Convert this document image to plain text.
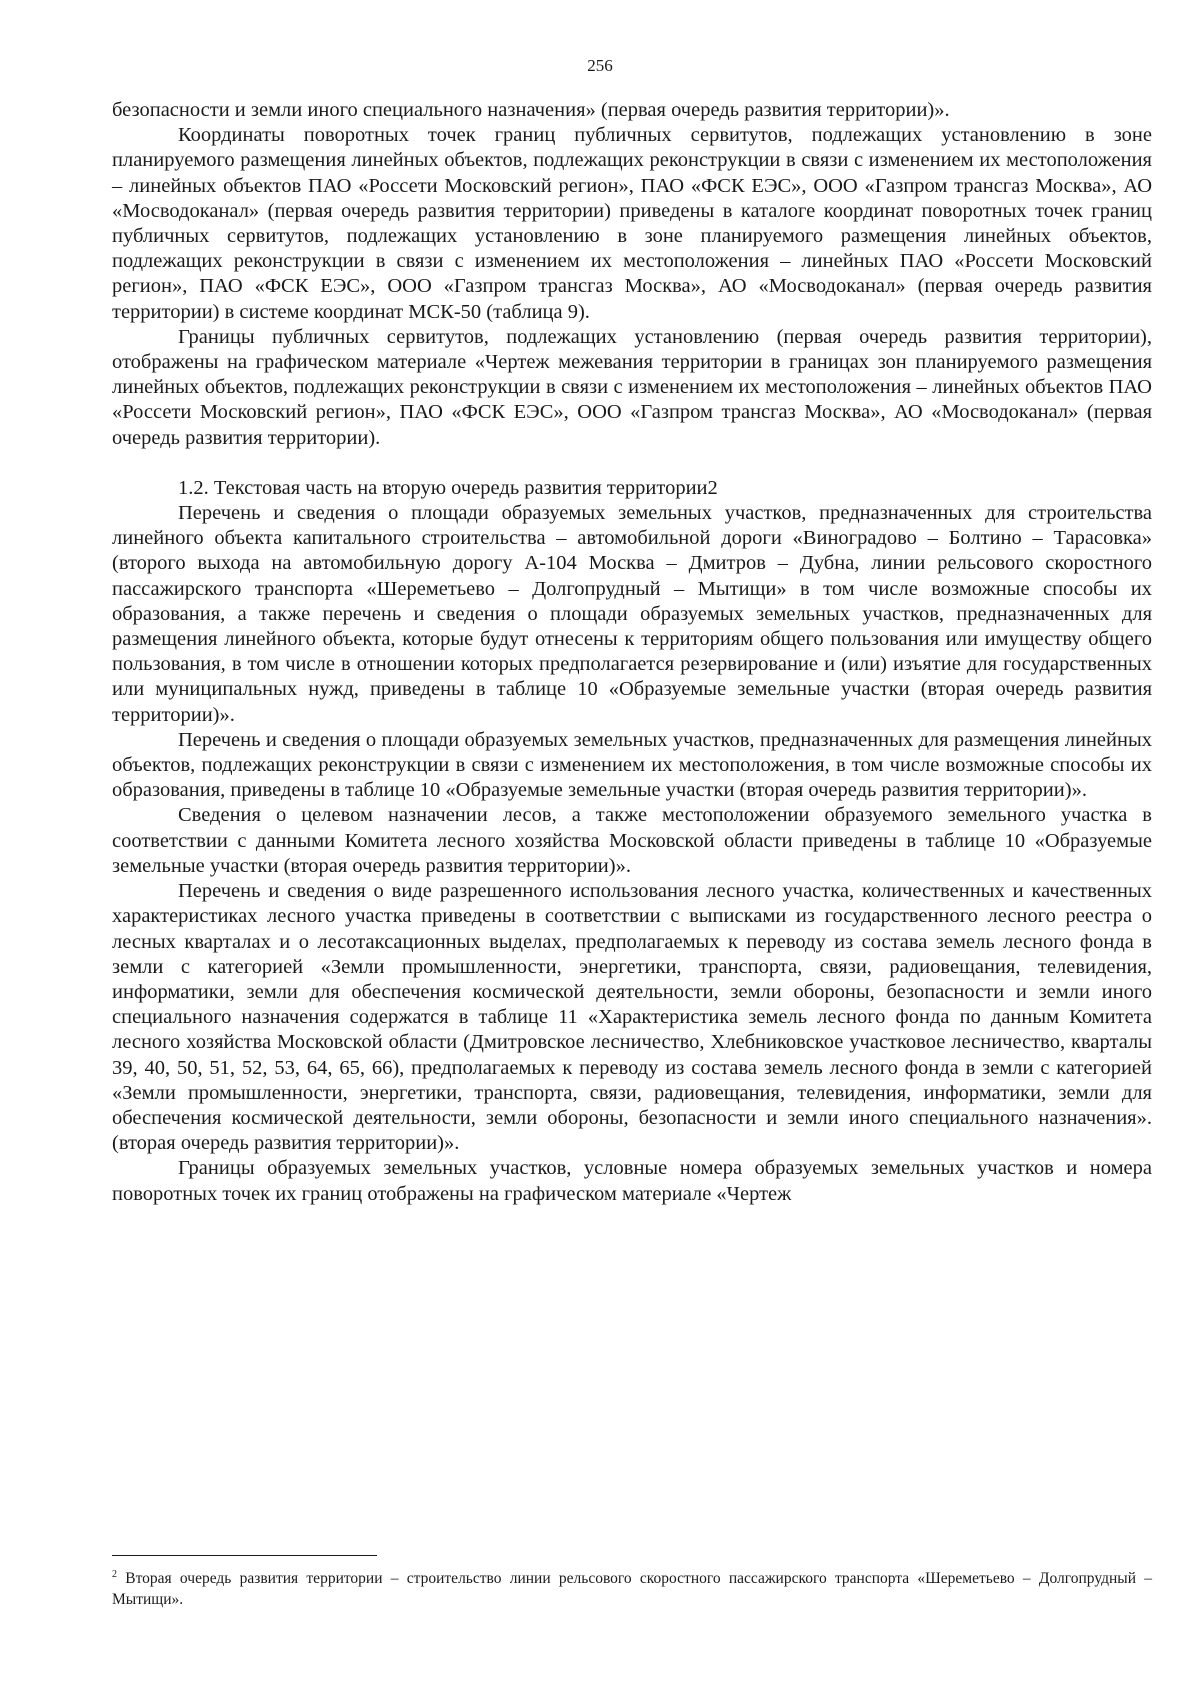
256

безопасности и земли иного специального назначения» (первая очередь развития территории)».

Координаты поворотных точек границ публичных сервитутов, подлежащих установлению в зоне планируемого размещения линейных объектов, подлежащих реконструкции в связи с изменением их местоположения – линейных объектов ПАО «Россети Московский регион», ПАО «ФСК ЕЭС», ООО «Газпром трансгаз Москва», АО «Мосводоканал» (первая очередь развития территории) приведены в каталоге координат поворотных точек границ публичных сервитутов, подлежащих установлению в зоне планируемого размещения линейных объектов, подлежащих реконструкции в связи с изменением их местоположения – линейных ПАО «Россети Московский регион», ПАО «ФСК ЕЭС», ООО «Газпром трансгаз Москва», АО «Мосводоканал» (первая очередь развития территории) в системе координат МСК-50 (таблица 9).

Границы публичных сервитутов, подлежащих установлению (первая очередь развития территории), отображены на графическом материале «Чертеж межевания территории в границах зон планируемого размещения линейных объектов, подлежащих реконструкции в связи с изменением их местоположения – линейных объектов ПАО «Россети Московский регион», ПАО «ФСК ЕЭС», ООО «Газпром трансгаз Москва», АО «Мосводоканал» (первая очередь развития территории).

1.2. Текстовая часть на вторую очередь развития территории2

Перечень и сведения о площади образуемых земельных участков, предназначенных для строительства линейного объекта капитального строительства – автомобильной дороги «Виноградово – Болтино – Тарасовка» (второго выхода на автомобильную дорогу А-104 Москва – Дмитров – Дубна, линии рельсового скоростного пассажирского транспорта «Шереметьево – Долгопрудный – Мытищи» в том числе возможные способы их образования, а также перечень и сведения о площади образуемых земельных участков, предназначенных для размещения линейного объекта, которые будут отнесены к территориям общего пользования или имуществу общего пользования, в том числе в отношении которых предполагается резервирование и (или) изъятие для государственных или муниципальных нужд, приведены в таблице 10 «Образуемые земельные участки (вторая очередь развития территории)».

Перечень и сведения о площади образуемых земельных участков, предназначенных для размещения линейных объектов, подлежащих реконструкции в связи с изменением их местоположения, в том числе возможные способы их образования, приведены в таблице 10 «Образуемые земельные участки (вторая очередь развития территории)».

Сведения о целевом назначении лесов, а также местоположении образуемого земельного участка в соответствии с данными Комитета лесного хозяйства Московской области приведены в таблице 10 «Образуемые земельные участки (вторая очередь развития территории)».

Перечень и сведения о виде разрешенного использования лесного участка, количественных и качественных характеристиках лесного участка приведены в соответствии с выписками из государственного лесного реестра о лесных кварталах и о лесотаксационных выделах, предполагаемых к переводу из состава земель лесного фонда в земли с категорией «Земли промышленности, энергетики, транспорта, связи, радиовещания, телевидения, информатики, земли для обеспечения космической деятельности, земли обороны, безопасности и земли иного специального назначения содержатся в таблице 11 «Характеристика земель лесного фонда по данным Комитета лесного хозяйства Московской области (Дмитровское лесничество, Хлебниковское участковое лесничество, кварталы 39, 40, 50, 51, 52, 53, 64, 65, 66), предполагаемых к переводу из состава земель лесного фонда в земли с категорией «Земли промышленности, энергетики, транспорта, связи, радиовещания, телевидения, информатики, земли для обеспечения космической деятельности, земли обороны, безопасности и земли иного специального назначения». (вторая очередь развития территории)».

Границы образуемых земельных участков, условные номера образуемых земельных участков и номера поворотных точек их границ отображены на графическом материале «Чертеж

$^2$ Вторая очередь развития территории – строительство линии рельсового скоростного пассажирского транспорта «Шереметьево – Долгопрудный – Мытищи».
